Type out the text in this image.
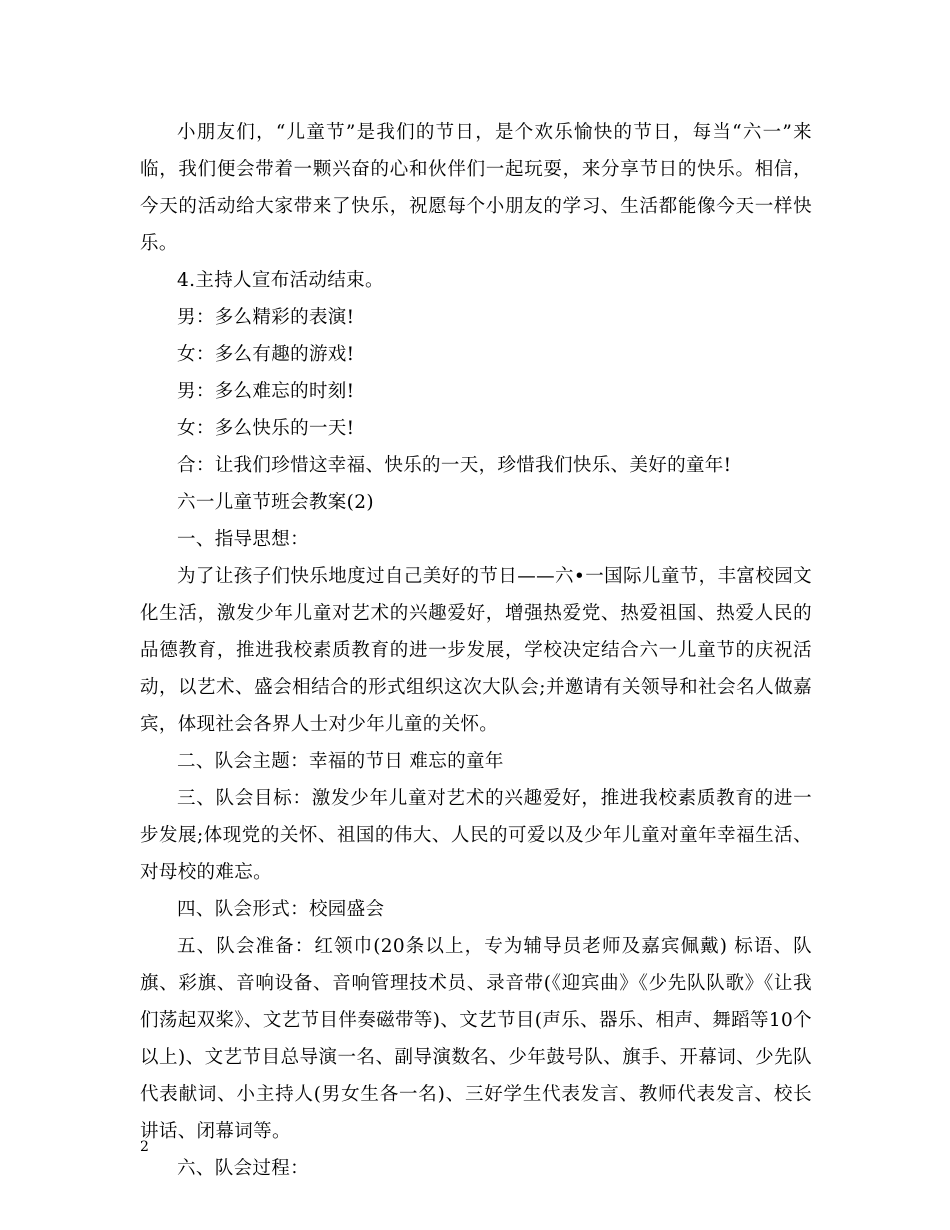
小朋友们，“儿童节”是我们的节日，是个欢乐愉快的节日，每当“六一”来临，我们便会带着一颗兴奋的心和伙伴们一起玩耍，来分享节日的快乐。相信，今天的活动给大家带来了快乐，祝愿每个小朋友的学习、生活都能像今天一样快乐。

4.主持人宣布活动结束。

男：多么精彩的表演!

女：多么有趣的游戏!

男：多么难忘的时刻!

女：多么快乐的一天!

合：让我们珍惜这幸福、快乐的一天，珍惜我们快乐、美好的童年!

六一儿童节班会教案(2)

一、指导思想：

为了让孩子们快乐地度过自己美好的节日——六•一国际儿童节，丰富校园文化生活，激发少年儿童对艺术的兴趣爱好，增强热爱党、热爱祖国、热爱人民的品德教育，推进我校素质教育的进一步发展，学校决定结合六一儿童节的庆祝活动，以艺术、盛会相结合的形式组织这次大队会;并邀请有关领导和社会名人做嘉宾，体现社会各界人士对少年儿童的关怀。

二、队会主题：幸福的节日 难忘的童年

三、队会目标：激发少年儿童对艺术的兴趣爱好，推进我校素质教育的进一步发展;体现党的关怀、祖国的伟大、人民的可爱以及少年儿童对童年幸福生活、对母校的难忘。

四、队会形式：校园盛会

五、队会准备：红领巾(20条以上，专为辅导员老师及嘉宾佩戴) 标语、队旗、彩旗、音响设备、音响管理技术员、录音带(《迎宾曲》《少先队队歌》《让我们荡起双桨》、文艺节目伴奏磁带等)、文艺节目(声乐、器乐、相声、舞蹈等10个以上)、文艺节目总导演一名、副导演数名、少年鼓号队、旗手、开幕词、少先队代表献词、小主持人(男女生各一名)、三好学生代表发言、教师代表发言、校长讲话、闭幕词等。

六、队会过程：

2
